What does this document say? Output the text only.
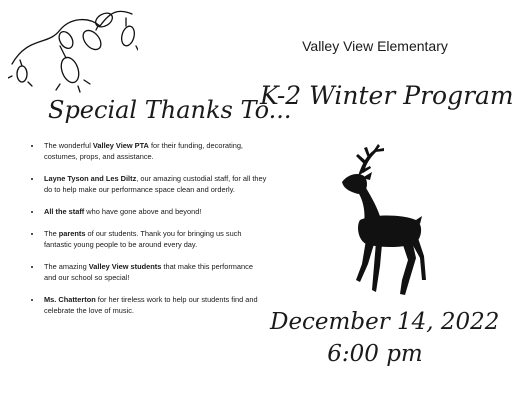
Special Thanks To...
• The wonderful Valley View PTA for their funding, decorating, costumes, props, and assistance.
• Layne Tyson and Les Diltz, our amazing custodial staff, for all they do to help make our performance space clean and orderly.
• All the staff who have gone above and beyond!
• The parents of our students. Thank you for bringing us such fantastic young people to be around every day.
• The amazing Valley View students that make this performance and our school so special!
• Ms. Chatterton for her tireless work to help our students find and celebrate the love of music.
Valley View Elementary
K-2 Winter Program
December 14, 2022
6:00 pm
